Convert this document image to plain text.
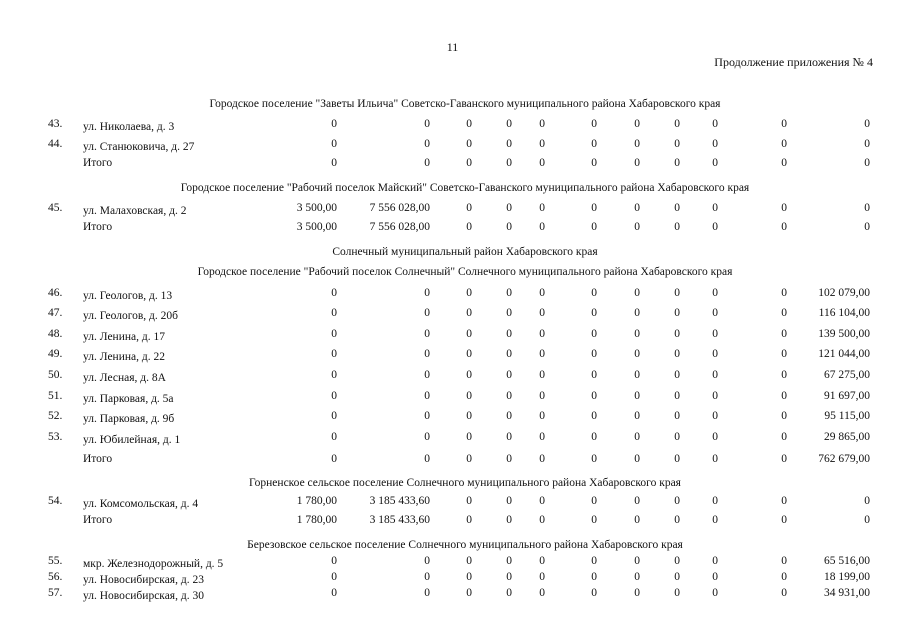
11
Продолжение приложения № 4
Городское поселение "Заветы Ильича" Советско-Гаванского муниципального района Хабаровского края
43. ул. Николаева, д. 3	0	0	0	0	0	0	0	0	0	0	0
44. ул. Станюковича, д. 27	0	0	0	0	0	0	0	0	0	0	0
Итого	0	0	0	0	0	0	0	0	0	0	0
Городское поселение "Рабочий поселок Майский" Советско-Гаванского муниципального района Хабаровского края
45. ул. Малаховская, д. 2	3 500,00	7 556 028,00	0	0	0	0	0	0	0	0	0
Итого	3 500,00	7 556 028,00	0	0	0	0	0	0	0	0	0
Солнечный муниципальный район Хабаровского края
Городское поселение "Рабочий поселок Солнечный" Солнечного муниципального района Хабаровского края
46. ул. Геологов, д. 13	0	0	0	0	0	0	0	0	0	0	102 079,00
47. ул. Геологов, д. 20б	0	0	0	0	0	0	0	0	0	0	116 104,00
48. ул. Ленина, д. 17	0	0	0	0	0	0	0	0	0	0	139 500,00
49. ул. Ленина, д. 22	0	0	0	0	0	0	0	0	0	0	121 044,00
50. ул. Лесная, д. 8А	0	0	0	0	0	0	0	0	0	0	67 275,00
51. ул. Парковая, д. 5а	0	0	0	0	0	0	0	0	0	0	91 697,00
52. ул. Парковая, д. 9б	0	0	0	0	0	0	0	0	0	0	95 115,00
53. ул. Юбилейная, д. 1	0	0	0	0	0	0	0	0	0	0	29 865,00
Итого	0	0	0	0	0	0	0	0	0	0	762 679,00
Горненское сельское поселение Солнечного муниципального района Хабаровского края
54. ул. Комсомольская, д. 4	1 780,00	3 185 433,60	0	0	0	0	0	0	0	0	0
Итого	1 780,00	3 185 433,60	0	0	0	0	0	0	0	0	0
Березовское сельское поселение Солнечного муниципального района Хабаровского края
55. мкр. Железнодорожный, д. 5	0	0	0	0	0	0	0	0	0	0	65 516,00
56. ул. Новосибирская, д. 23	0	0	0	0	0	0	0	0	0	0	18 199,00
57. ул. Новосибирская, д. 30	0	0	0	0	0	0	0	0	0	0	34 931,00
